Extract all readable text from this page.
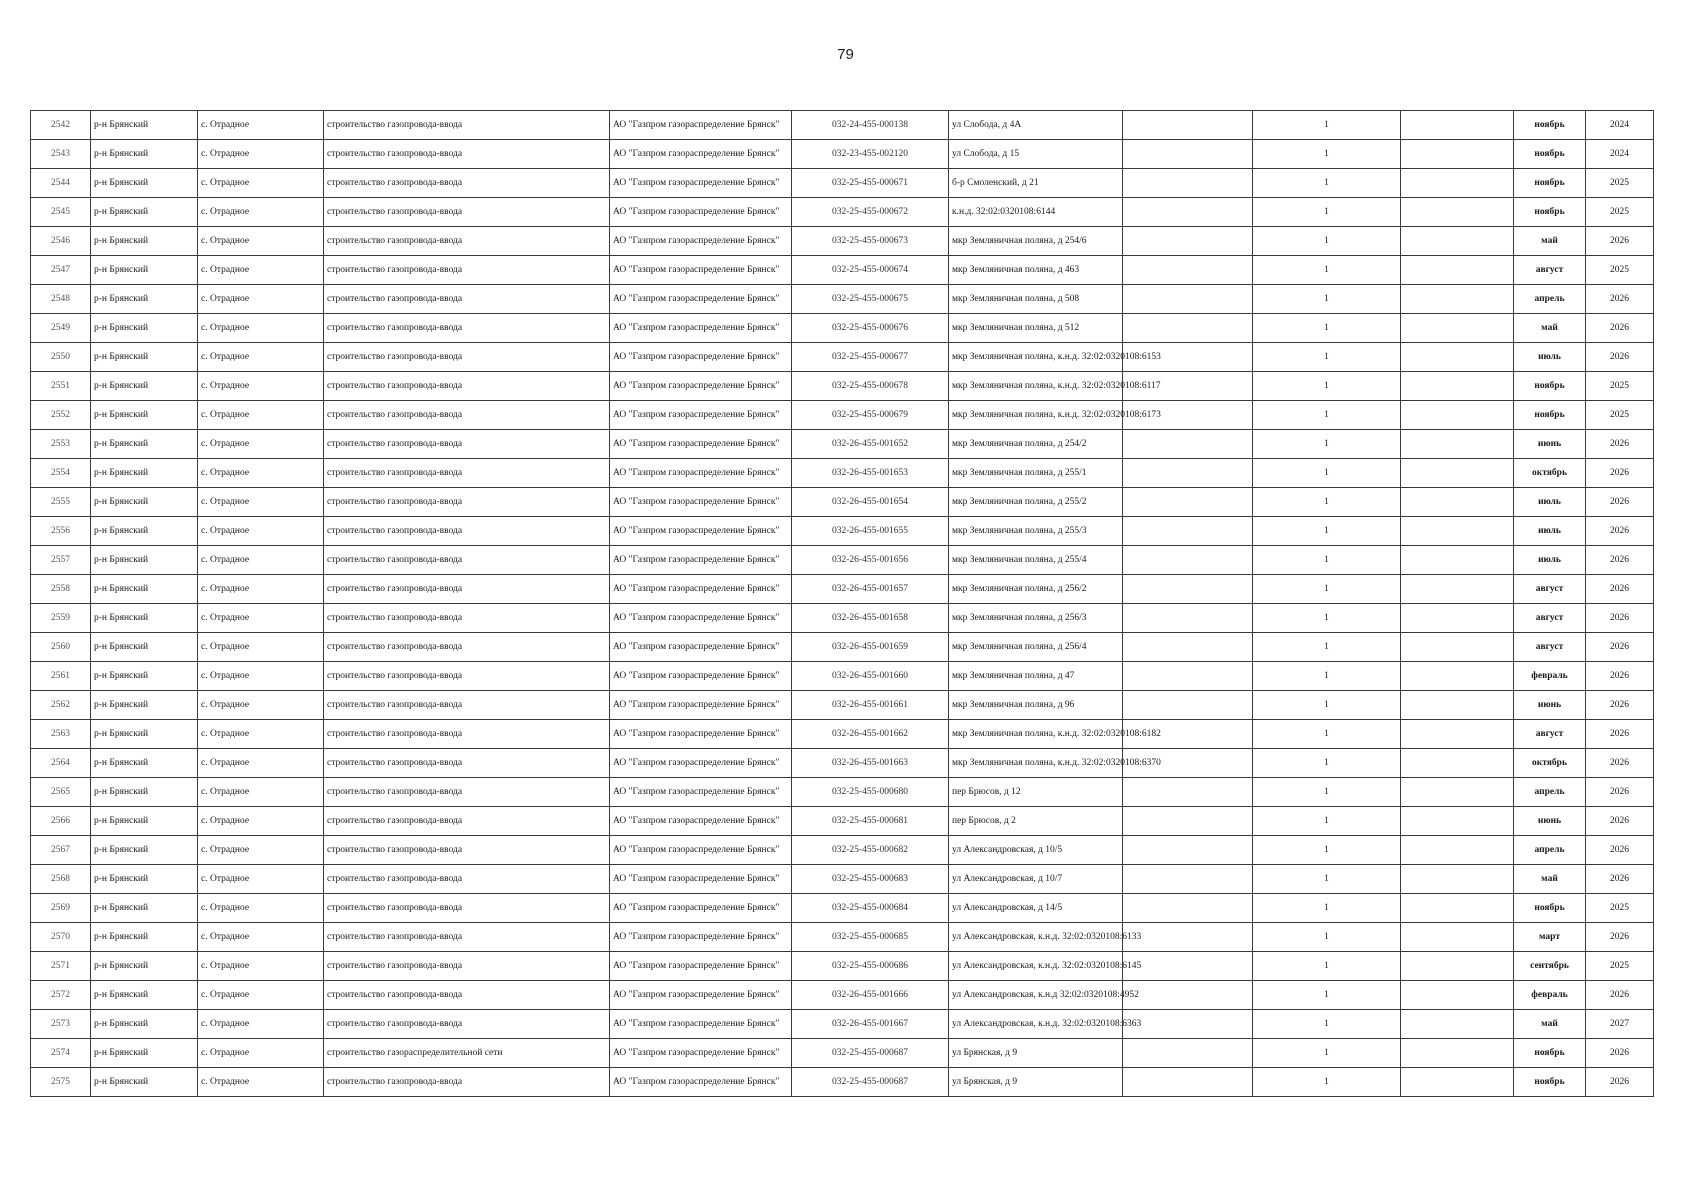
79
2542	р-н Брянский	с. Отрадное	строительство газопровода-ввода	АО "Газпром газораспределение Брянск"	032-24-455-000138	ул Слобода, д 4А		1		ноябрь	2024
2543	р-н Брянский	с. Отрадное	строительство газопровода-ввода	АО "Газпром газораспределение Брянск"	032-23-455-002120	ул Слобода, д 15		1		ноябрь	2024
2544	р-н Брянский	с. Отрадное	строительство газопровода-ввода	АО "Газпром газораспределение Брянск"	032-25-455-000671	б-р Смоленский, д 21		1		ноябрь	2025
2545	р-н Брянский	с. Отрадное	строительство газопровода-ввода	АО "Газпром газораспределение Брянск"	032-25-455-000672	к.н.д. 32:02:0320108:6144		1		ноябрь	2025
2546	р-н Брянский	с. Отрадное	строительство газопровода-ввода	АО "Газпром газораспределение Брянск"	032-25-455-000673	мкр Земляничная поляна, д 254/6		1		май	2026
2547	р-н Брянский	с. Отрадное	строительство газопровода-ввода	АО "Газпром газораспределение Брянск"	032-25-455-000674	мкр Земляничная поляна, д 463		1		август	2025
2548	р-н Брянский	с. Отрадное	строительство газопровода-ввода	АО "Газпром газораспределение Брянск"	032-25-455-000675	мкр Земляничная поляна, д 508		1		апрель	2026
2549	р-н Брянский	с. Отрадное	строительство газопровода-ввода	АО "Газпром газораспределение Брянск"	032-25-455-000676	мкр Земляничная поляна, д 512		1		май	2026
2550	р-н Брянский	с. Отрадное	строительство газопровода-ввода	АО "Газпром газораспределение Брянск"	032-25-455-000677	мкр Земляничная поляна, к.н.д. 32:02:0320108:6153		1		июль	2026
2551	р-н Брянский	с. Отрадное	строительство газопровода-ввода	АО "Газпром газораспределение Брянск"	032-25-455-000678	мкр Земляничная поляна, к.н.д. 32:02:0320108:6117		1		ноябрь	2025
2552	р-н Брянский	с. Отрадное	строительство газопровода-ввода	АО "Газпром газораспределение Брянск"	032-25-455-000679	мкр Земляничная поляна, к.н.д. 32:02:0320108:6173		1		ноябрь	2025
2553	р-н Брянский	с. Отрадное	строительство газопровода-ввода	АО "Газпром газораспределение Брянск"	032-26-455-001652	мкр Земляничная поляна, д 254/2		1		июнь	2026
2554	р-н Брянский	с. Отрадное	строительство газопровода-ввода	АО "Газпром газораспределение Брянск"	032-26-455-001653	мкр Земляничная поляна, д 255/1		1		октябрь	2026
2555	р-н Брянский	с. Отрадное	строительство газопровода-ввода	АО "Газпром газораспределение Брянск"	032-26-455-001654	мкр Земляничная поляна, д 255/2		1		июль	2026
2556	р-н Брянский	с. Отрадное	строительство газопровода-ввода	АО "Газпром газораспределение Брянск"	032-26-455-001655	мкр Земляничная поляна, д 255/3		1		июль	2026
2557	р-н Брянский	с. Отрадное	строительство газопровода-ввода	АО "Газпром газораспределение Брянск"	032-26-455-001656	мкр Земляничная поляна, д 255/4		1		июль	2026
2558	р-н Брянский	с. Отрадное	строительство газопровода-ввода	АО "Газпром газораспределение Брянск"	032-26-455-001657	мкр Земляничная поляна, д 256/2		1		август	2026
2559	р-н Брянский	с. Отрадное	строительство газопровода-ввода	АО "Газпром газораспределение Брянск"	032-26-455-001658	мкр Земляничная поляна, д 256/3		1		август	2026
2560	р-н Брянский	с. Отрадное	строительство газопровода-ввода	АО "Газпром газораспределение Брянск"	032-26-455-001659	мкр Земляничная поляна, д 256/4		1		август	2026
2561	р-н Брянский	с. Отрадное	строительство газопровода-ввода	АО "Газпром газораспределение Брянск"	032-26-455-001660	мкр Земляничная поляна, д 47		1		февраль	2026
2562	р-н Брянский	с. Отрадное	строительство газопровода-ввода	АО "Газпром газораспределение Брянск"	032-26-455-001661	мкр Земляничная поляна, д 96		1		июнь	2026
2563	р-н Брянский	с. Отрадное	строительство газопровода-ввода	АО "Газпром газораспределение Брянск"	032-26-455-001662	мкр Земляничная поляна, к.н.д. 32:02:0320108:6182		1		август	2026
2564	р-н Брянский	с. Отрадное	строительство газопровода-ввода	АО "Газпром газораспределение Брянск"	032-26-455-001663	мкр Земляничная поляна, к.н.д. 32:02:0320108:6370		1		октябрь	2026
2565	р-н Брянский	с. Отрадное	строительство газопровода-ввода	АО "Газпром газораспределение Брянск"	032-25-455-000680	пер Брюсов, д 12		1		апрель	2026
2566	р-н Брянский	с. Отрадное	строительство газопровода-ввода	АО "Газпром газораспределение Брянск"	032-25-455-000681	пер Брюсов, д 2		1		июнь	2026
2567	р-н Брянский	с. Отрадное	строительство газопровода-ввода	АО "Газпром газораспределение Брянск"	032-25-455-000682	ул Александровская, д 10/5		1		апрель	2026
2568	р-н Брянский	с. Отрадное	строительство газопровода-ввода	АО "Газпром газораспределение Брянск"	032-25-455-000683	ул Александровская, д 10/7		1		май	2026
2569	р-н Брянский	с. Отрадное	строительство газопровода-ввода	АО "Газпром газораспределение Брянск"	032-25-455-000684	ул Александровская, д 14/5		1		ноябрь	2025
2570	р-н Брянский	с. Отрадное	строительство газопровода-ввода	АО "Газпром газораспределение Брянск"	032-25-455-000685	ул Александровская, к.н.д. 32:02:0320108:6133		1		март	2026
2571	р-н Брянский	с. Отрадное	строительство газопровода-ввода	АО "Газпром газораспределение Брянск"	032-25-455-000686	ул Александровская, к.н.д. 32:02:0320108:6145		1		сентябрь	2025
2572	р-н Брянский	с. Отрадное	строительство газопровода-ввода	АО "Газпром газораспределение Брянск"	032-26-455-001666	ул Александровская, к.н.д 32:02:0320108:4952		1		февраль	2026
2573	р-н Брянский	с. Отрадное	строительство газопровода-ввода	АО "Газпром газораспределение Брянск"	032-26-455-001667	ул Александровская, к.н.д. 32:02:0320108:6363		1		май	2027
2574	р-н Брянский	с. Отрадное	строительство газораспределительной сети	АО "Газпром газораспределение Брянск"	032-25-455-000687	ул Брянская, д 9		1		ноябрь	2026
2575	р-н Брянский	с. Отрадное	строительство газопровода-ввода	АО "Газпром газораспределение Брянск"	032-25-455-000687	ул Брянская, д 9		1		ноябрь	2026
